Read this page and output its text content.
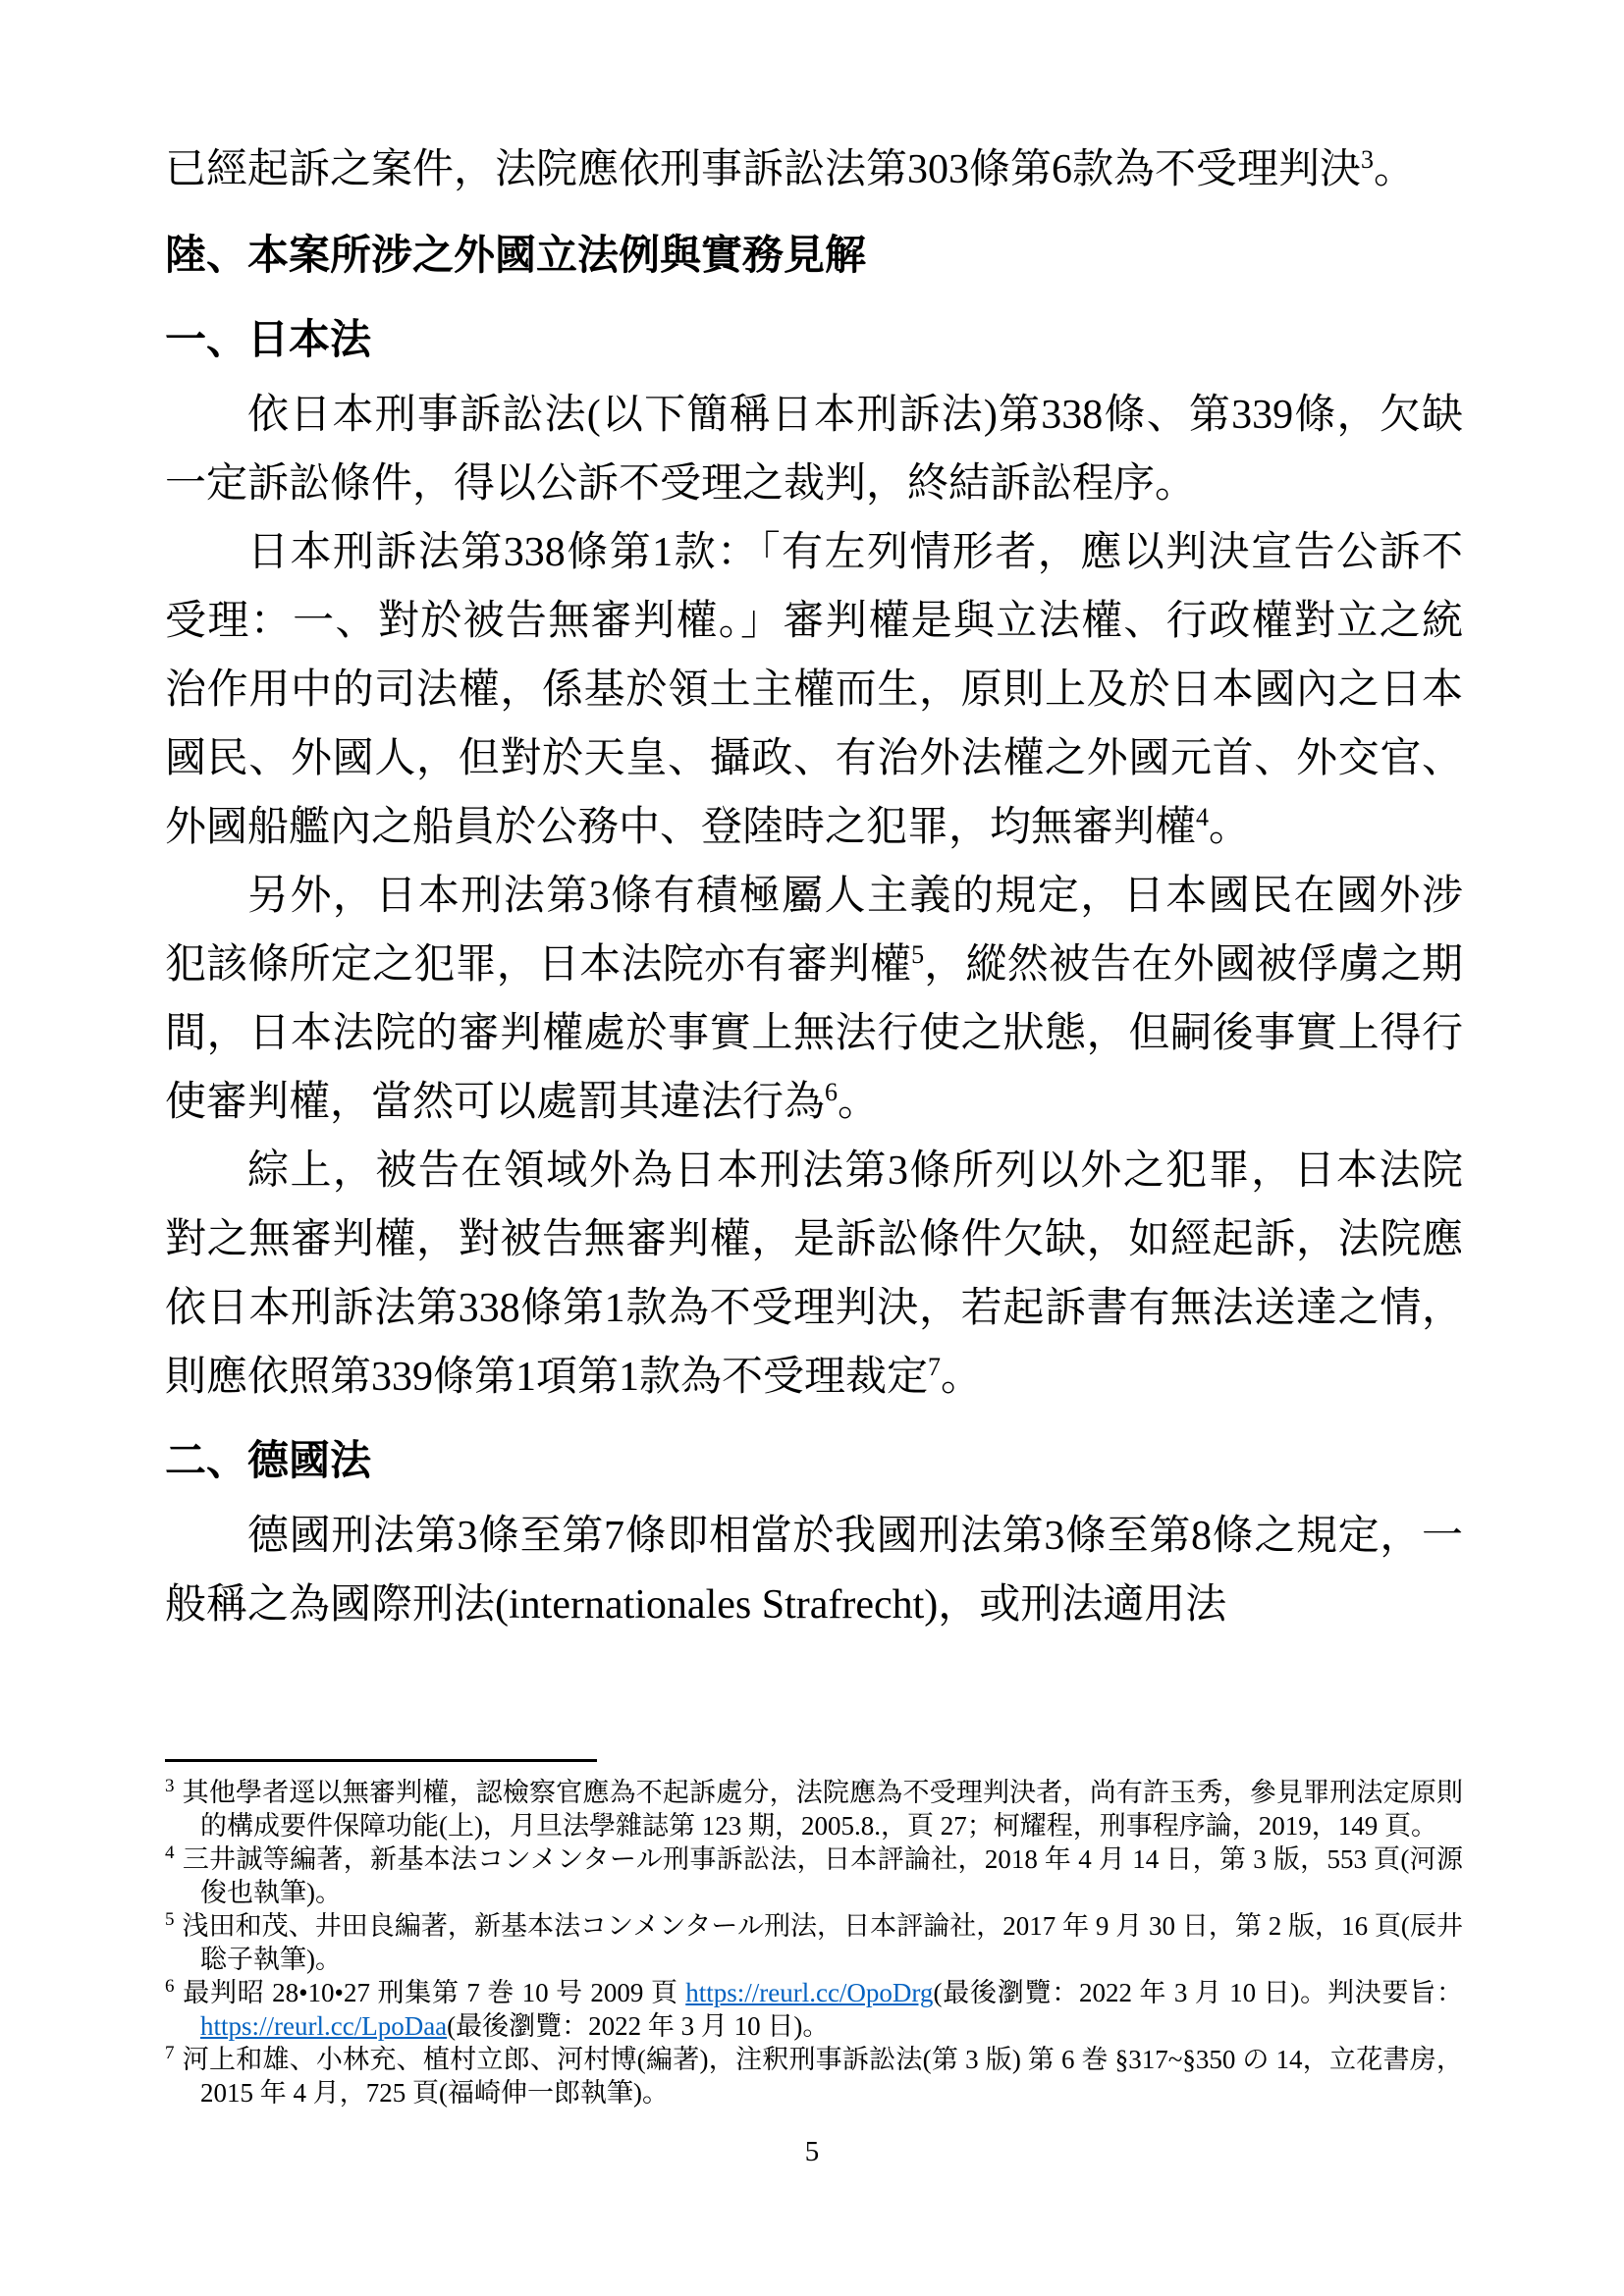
已經起訴之案件，法院應依刑事訴訟法第303條第6款為不受理判決$^3$。
陸、本案所涉之外國立法例與實務見解
一、日本法
依日本刑事訴訟法(以下簡稱日本刑訴法)第338條、第339條，欠缺一定訴訟條件，得以公訴不受理之裁判，終結訴訟程序。
日本刑訴法第338條第1款：「有左列情形者，應以判決宣告公訴不受理：一、對於被告無審判權。」審判權是與立法權、行政權對立之統治作用中的司法權，係基於領土主權而生，原則上及於日本國內之日本國民、外國人，但對於天皇、攝政、有治外法權之外國元首、外交官、外國船艦內之船員於公務中、登陸時之犯罪，均無審判權$^4$。
另外，日本刑法第3條有積極屬人主義的規定，日本國民在國外涉犯該條所定之犯罪，日本法院亦有審判權$^5$，縱然被告在外國被俘虜之期間，日本法院的審判權處於事實上無法行使之狀態，但嗣後事實上得行使審判權，當然可以處罰其違法行為$^6$。
綜上，被告在領域外為日本刑法第3條所列以外之犯罪，日本法院對之無審判權，對被告無審判權，是訴訟條件欠缺，如經起訴，法院應依日本刑訴法第338條第1款為不受理判決，若起訴書有無法送達之情，則應依照第339條第1項第1款為不受理裁定$^7$。
二、德國法
德國刑法第3條至第7條即相當於我國刑法第3條至第8條之規定，一般稱之為國際刑法(internationales Strafrecht)，或刑法適用法
$^3$ 其他學者逕以無審判權，認檢察官應為不起訴處分，法院應為不受理判決者，尚有許玉秀，參見罪刑法定原則的構成要件保障功能(上)，月旦法學雜誌第 123 期，2005.8.，頁 27；柯耀程，刑事程序論，2019，149 頁。
$^4$ 三井誠等編著，新基本法コンメンタール刑事訴訟法，日本評論社，2018 年 4 月 14 日，第 3 版，553 頁(河源俊也執筆)。
$^5$ 浅田和茂、井田良編著，新基本法コンメンタール刑法，日本評論社，2017 年 9 月 30 日，第 2 版，16 頁(辰井聡子執筆)。
$^6$ 最判昭 28•10•27 刑集第 7 巻 10 号 2009 頁 https://reurl.cc/OpoDrg(最後瀏覽：2022 年 3 月 10 日)。判決要旨：https://reurl.cc/LpoDaa(最後瀏覽：2022 年 3 月 10 日)。
$^7$ 河上和雄、小林充、植村立郎、河村博(編著)，注釈刑事訴訟法(第 3 版) 第 6 巻 §317~§350 の 14，立花書房，2015 年 4 月，725 頁(福崎伸一郎執筆)。
5
